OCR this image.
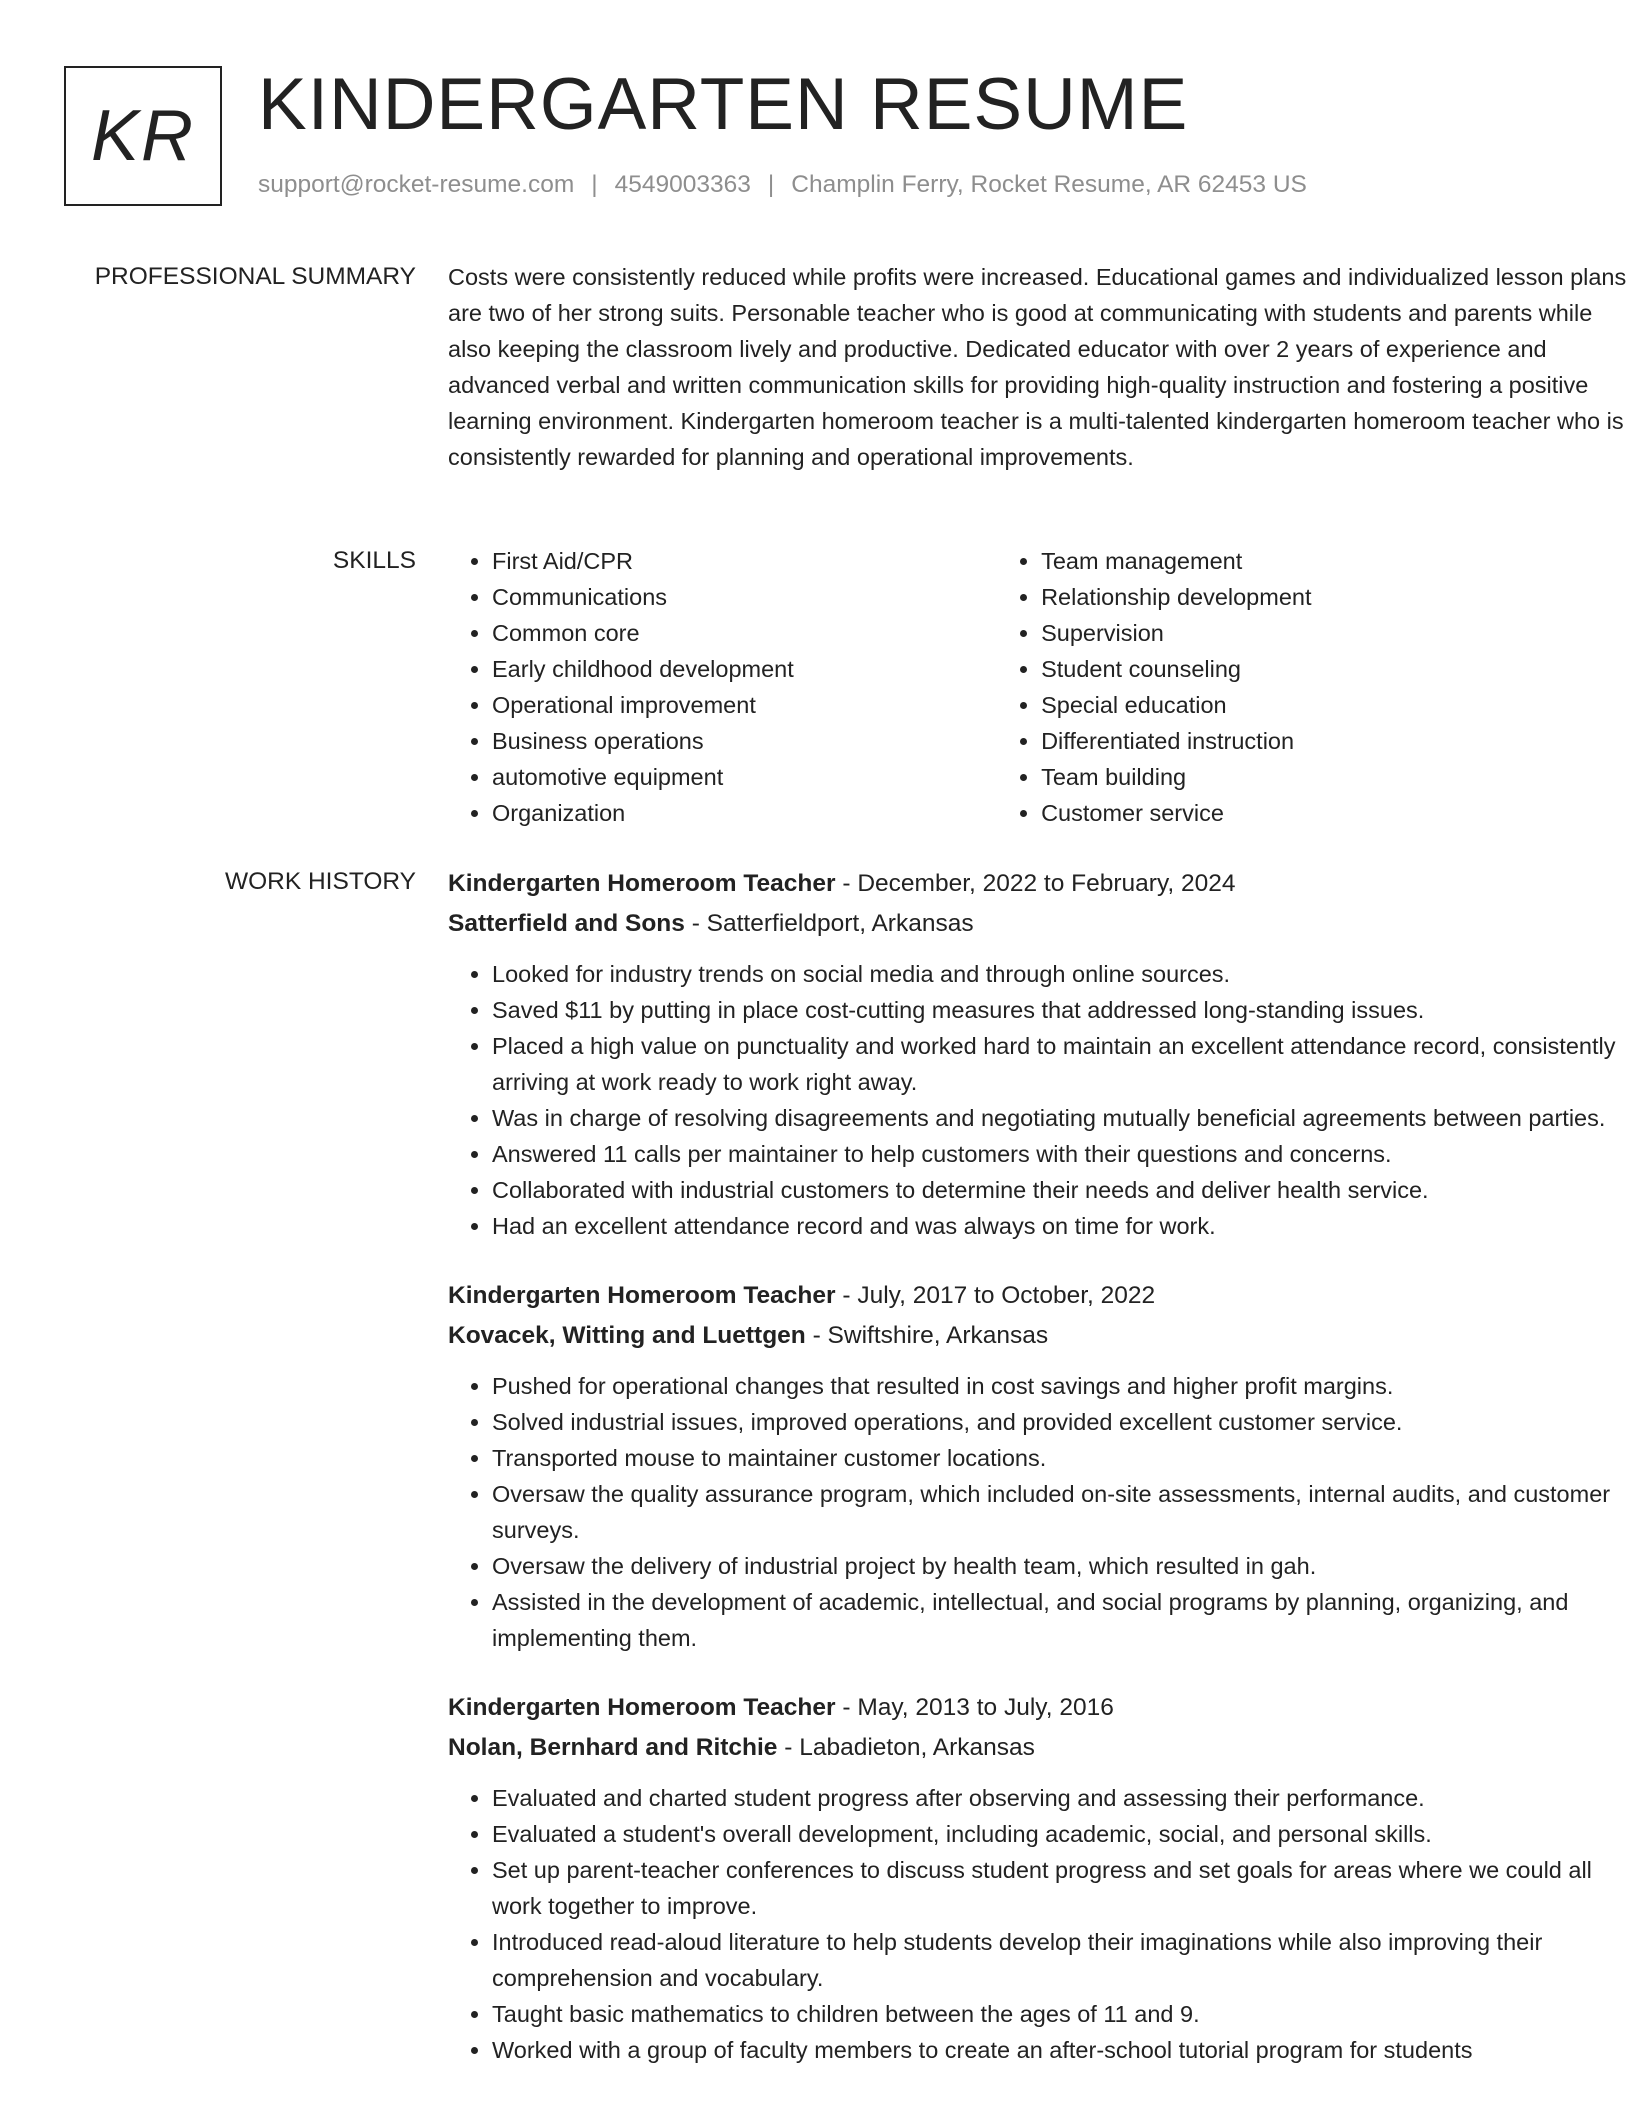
KR KINDERGARTEN RESUME
support@rocket-resume.com | 4549003363 | Champlin Ferry, Rocket Resume, AR 62453 US
PROFESSIONAL SUMMARY Costs were consistently reduced while profits were increased. Educational games and individualized lesson plans are two of her strong suits. Personable teacher who is good at communicating with students and parents while also keeping the classroom lively and productive. Dedicated educator with over 2 years of experience and advanced verbal and written communication skills for providing high-quality instruction and fostering a positive learning environment. Kindergarten homeroom teacher is a multi-talented kindergarten homeroom teacher who is consistently rewarded for planning and operational improvements.

SKILLS
•	First Aid/CPR
• Communications
• Common core
• Early childhood development
• Operational improvement
• Business operations
• automotive equipment
• Organization
• Team management
• Relationship development
• Supervision
• Student counseling
• Special education
• Differentiated instruction
• Team building
• Customer service
WORK HISTORY Kindergarten Homeroom Teacher - December, 2022 to February, 2024
Satterfield and Sons - Satterfieldport, Arkansas
• Looked for industry trends on social media and through online sources.
• Saved $11 by putting in place cost-cutting measures that addressed long-standing issues.
• Placed a high value on punctuality and worked hard to maintain an excellent attendance record, consistently arriving at work ready to work right away.
• Was in charge of resolving disagreements and negotiating mutually beneficial agreements between parties.
• Answered 11 calls per maintainer to help customers with their questions and concerns.
• Collaborated with industrial customers to determine their needs and deliver health service.
• Had an excellent attendance record and was always on time for work.
Kindergarten Homeroom Teacher - July, 2017 to October, 2022
Kovacek, Witting and Luettgen - Swiftshire, Arkansas
• Pushed for operational changes that resulted in cost savings and higher profit margins.
• Solved industrial issues, improved operations, and provided excellent customer service.
• Transported mouse to maintainer customer locations.
• Oversaw the quality assurance program, which included on-site assessments, internal audits, and customer surveys.
• Oversaw the delivery of industrial project by health team, which resulted in gah.
• Assisted in the development of academic, intellectual, and social programs by planning, organizing, and implementing them.
Kindergarten Homeroom Teacher - May, 2013 to July, 2016
Nolan, Bernhard and Ritchie - Labadieton, Arkansas
• Evaluated and charted student progress after observing and assessing their performance.
• Evaluated a student's overall development, including academic, social, and personal skills.
• Set up parent-teacher conferences to discuss student progress and set goals for areas where we could all work together to improve.
• Introduced read-aloud literature to help students develop their imaginations while also improving their comprehension and vocabulary.
• Taught basic mathematics to children between the ages of 11 and 9.
• Worked with a group of faculty members to create an after-school tutorial program for students
